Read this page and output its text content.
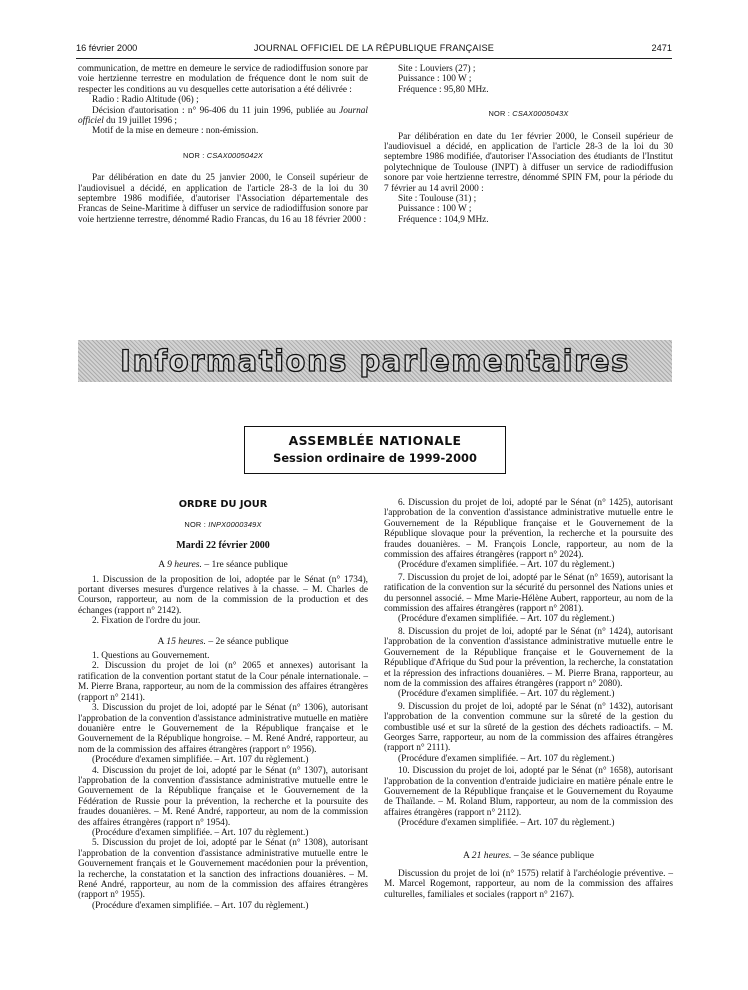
16 février 2000	JOURNAL OFFICIEL DE LA RÉPUBLIQUE FRANÇAISE	2471

communication, de mettre en demeure le service de radiodiffusion sonore par voie hertzienne terrestre en modulation de fréquence dont le nom suit de respecter les conditions au vu desquelles cette autorisation a été délivrée :

Radio : Radio Altitude (06) ;

Décision d'autorisation : n° 96-406 du 11 juin 1996, publiée au Journal officiel du 19 juillet 1996 ;

Motif de la mise en demeure : non-émission.

NOR : CSAX0005042X

Par délibération en date du 25 janvier 2000, le Conseil supérieur de l'audiovisuel a décidé, en application de l'article 28-3 de la loi du 30 septembre 1986 modifiée, d'autoriser l'Association départementale des Francas de Seine-Maritime à diffuser un service de radiodiffusion sonore par voie hertzienne terrestre, dénommé Radio Francas, du 16 au 18 février 2000 :

Site : Louviers (27) ;

Puissance : 100 W ;

Fréquence : 95,80 MHz.

NOR : CSAX0005043X

Par délibération en date du 1er février 2000, le Conseil supérieur de l'audiovisuel a décidé, en application de l'article 28-3 de la loi du 30 septembre 1986 modifiée, d'autoriser l'Association des étudiants de l'Institut polytechnique de Toulouse (INPT) à diffuser un service de radiodiffusion sonore par voie hertzienne terrestre, dénommé SPIN FM, pour la période du 7 février au 14 avril 2000 :

Site : Toulouse (31) ;

Puissance : 100 W ;

Fréquence : 104,9 MHz.

Informations parlementaires
ASSEMBLÉE NATIONALE
Session ordinaire de 1999-2000

ORDRE DU JOUR

NOR : INPX0000349X

Mardi 22 février 2000

A 9 heures. – 1re séance publique

1. Discussion de la proposition de loi, adoptée par le Sénat (n° 1734), portant diverses mesures d'urgence relatives à la chasse. – M. Charles de Courson, rapporteur, au nom de la commission de la production et des échanges (rapport n° 2142).

2. Fixation de l'ordre du jour.

A 15 heures. – 2e séance publique

1. Questions au Gouvernement.

2. Discussion du projet de loi (n° 2065 et annexes) autorisant la ratification de la convention portant statut de la Cour pénale internationale. – M. Pierre Brana, rapporteur, au nom de la commission des affaires étrangères (rapport n° 2141).

3. Discussion du projet de loi, adopté par le Sénat (n° 1306), autorisant l'approbation de la convention d'assistance administrative mutuelle en matière douanière entre le Gouvernement de la République française et le Gouvernement de la République hongroise. – M. René André, rapporteur, au nom de la commission des affaires étrangères (rapport n° 1956).

(Procédure d'examen simplifiée. – Art. 107 du règlement.)

4. Discussion du projet de loi, adopté par le Sénat (n° 1307), autorisant l'approbation de la convention d'assistance administrative mutuelle entre le Gouvernement de la République française et le Gouvernement de la Fédération de Russie pour la prévention, la recherche et la poursuite des fraudes douanières. – M. René André, rapporteur, au nom de la commission des affaires étrangères (rapport n° 1954).

(Procédure d'examen simplifiée. – Art. 107 du règlement.)

5. Discussion du projet de loi, adopté par le Sénat (n° 1308), autorisant l'approbation de la convention d'assistance administrative mutuelle entre le Gouvernement français et le Gouvernement macédonien pour la prévention, la recherche, la constatation et la sanction des infractions douanières. – M. René André, rapporteur, au nom de la commission des affaires étrangères (rapport n° 1955).

(Procédure d'examen simplifiée. – Art. 107 du règlement.)

6. Discussion du projet de loi, adopté par le Sénat (n° 1425), autorisant l'approbation de la convention d'assistance administrative mutuelle entre le Gouvernement de la République française et le Gouvernement de la République slovaque pour la prévention, la recherche et la poursuite des fraudes douanières. – M. François Loncle, rapporteur, au nom de la commission des affaires étrangères (rapport n° 2024).

(Procédure d'examen simplifiée. – Art. 107 du règlement.)

7. Discussion du projet de loi, adopté par le Sénat (n° 1659), autorisant la ratification de la convention sur la sécurité du personnel des Nations unies et du personnel associé. – Mme Marie-Hélène Aubert, rapporteur, au nom de la commission des affaires étrangères (rapport n° 2081).

(Procédure d'examen simplifiée. – Art. 107 du règlement.)

8. Discussion du projet de loi, adopté par le Sénat (n° 1424), autorisant l'approbation de la convention d'assistance administrative mutuelle entre le Gouvernement de la République française et le Gouvernement de la République d'Afrique du Sud pour la prévention, la recherche, la constatation et la répression des infractions douanières. – M. Pierre Brana, rapporteur, au nom de la commission des affaires étrangères (rapport n° 2080).

(Procédure d'examen simplifiée. – Art. 107 du règlement.)

9. Discussion du projet de loi, adopté par le Sénat (n° 1432), autorisant l'approbation de la convention commune sur la sûreté de la gestion du combustible usé et sur la sûreté de la gestion des déchets radioactifs. – M. Georges Sarre, rapporteur, au nom de la commission des affaires étrangères (rapport n° 2111).

(Procédure d'examen simplifiée. – Art. 107 du règlement.)

10. Discussion du projet de loi, adopté par le Sénat (n° 1658), autorisant l'approbation de la convention d'entraide judiciaire en matière pénale entre le Gouvernement de la République française et le Gouvernement du Royaume de Thaïlande. – M. Roland Blum, rapporteur, au nom de la commission des affaires étrangères (rapport n° 2112).

(Procédure d'examen simplifiée. – Art. 107 du règlement.)

A 21 heures. – 3e séance publique

Discussion du projet de loi (n° 1575) relatif à l'archéologie préventive. – M. Marcel Rogemont, rapporteur, au nom de la commission des affaires culturelles, familiales et sociales (rapport n° 2167).
